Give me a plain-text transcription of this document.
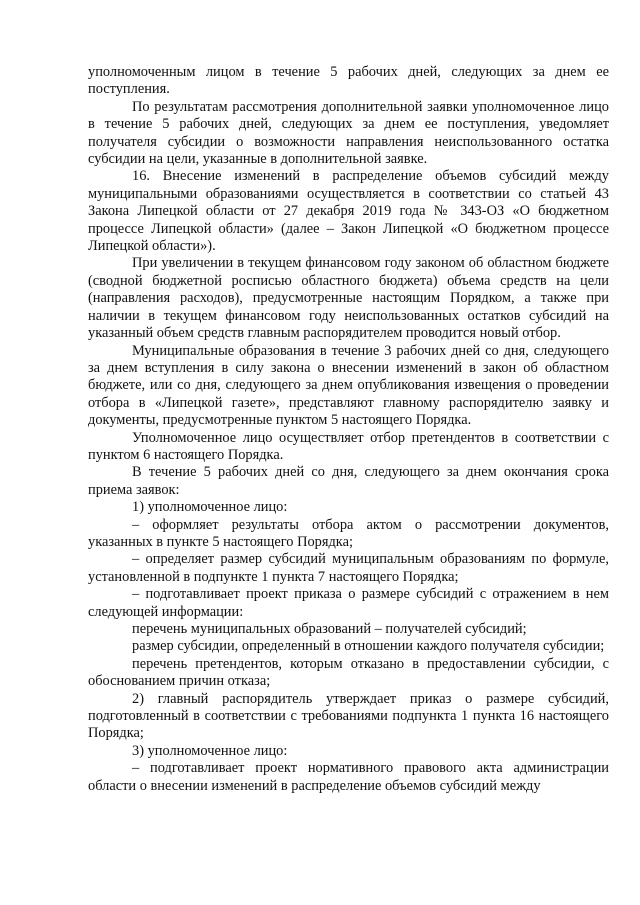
уполномоченным лицом в течение 5 рабочих дней, следующих за днем ее поступления.

По результатам рассмотрения дополнительной заявки уполномоченное лицо в течение 5 рабочих дней, следующих за днем ее поступления, уведомляет получателя субсидии о возможности направления неиспользованного остатка субсидии на цели, указанные в дополнительной заявке.

16. Внесение изменений в распределение объемов субсидий между муниципальными образованиями осуществляется в соответствии со статьей 43 Закона Липецкой области от 27 декабря 2019 года № 343-ОЗ «О бюджетном процессе Липецкой области» (далее – Закон Липецкой «О бюджетном процессе Липецкой области»).

При увеличении в текущем финансовом году законом об областном бюджете (сводной бюджетной росписью областного бюджета) объема средств на цели (направления расходов), предусмотренные настоящим Порядком, а также при наличии в текущем финансовом году неиспользованных остатков субсидий на указанный объем средств главным распорядителем проводится новый отбор.

Муниципальные образования в течение 3 рабочих дней со дня, следующего за днем вступления в силу закона о внесении изменений в закон об областном бюджете, или со дня, следующего за днем опубликования извещения о проведении отбора в «Липецкой газете», представляют главному распорядителю заявку и документы, предусмотренные пунктом 5 настоящего Порядка.

Уполномоченное лицо осуществляет отбор претендентов в соответствии с пунктом 6 настоящего Порядка.

В течение 5 рабочих дней со дня, следующего за днем окончания срока приема заявок:

1) уполномоченное лицо:

– оформляет результаты отбора актом о рассмотрении документов, указанных в пункте 5 настоящего Порядка;

– определяет размер субсидий муниципальным образованиям по формуле, установленной в подпункте 1 пункта 7 настоящего Порядка;

– подготавливает проект приказа о размере субсидий с отражением в нем следующей информации:

перечень муниципальных образований – получателей субсидий;

размер субсидии, определенный в отношении каждого получателя субсидии;

перечень претендентов, которым отказано в предоставлении субсидии, с обоснованием причин отказа;

2) главный распорядитель утверждает приказ о размере субсидий, подготовленный в соответствии с требованиями подпункта 1 пункта 16 настоящего Порядка;

3) уполномоченное лицо:

– подготавливает проект нормативного правового акта администрации области о внесении изменений в распределение объемов субсидий между
